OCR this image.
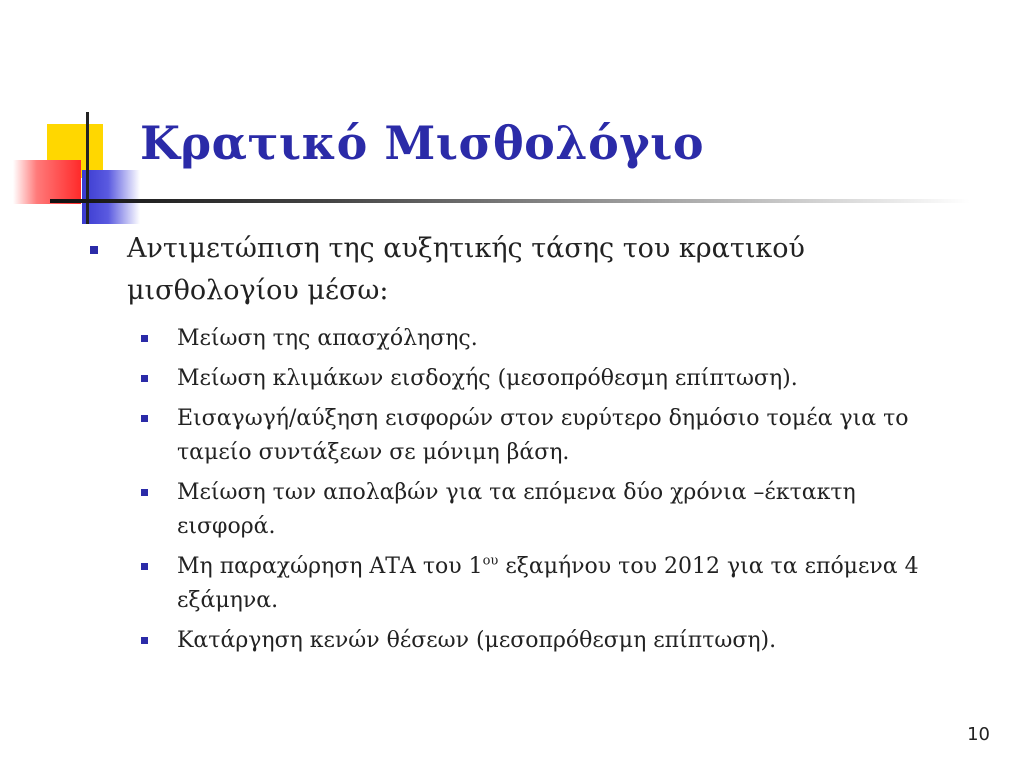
Κρατικό Μισθολόγιο
Αντιμετώπιση της αυξητικής τάσης του κρατικού μισθολογίου μέσω:
Μείωση της απασχόλησης.
Μείωση κλιμάκων εισδοχής (μεσοπρόθεσμη επίπτωση).
Εισαγωγή/αύξηση εισφορών στον ευρύτερο δημόσιο τομέα για το ταμείο συντάξεων σε μόνιμη βάση.
Μείωση των απολαβών για τα επόμενα δύο χρόνια –έκτακτη εισφορά.
Μη παραχώρηση ΑΤΑ του $1^{o\upsilon}$ εξαμήνου του 2012 για τα επόμενα 4 εξάμηνα.
Κατάργηση κενών θέσεων (μεσοπρόθεσμη επίπτωση).
10
